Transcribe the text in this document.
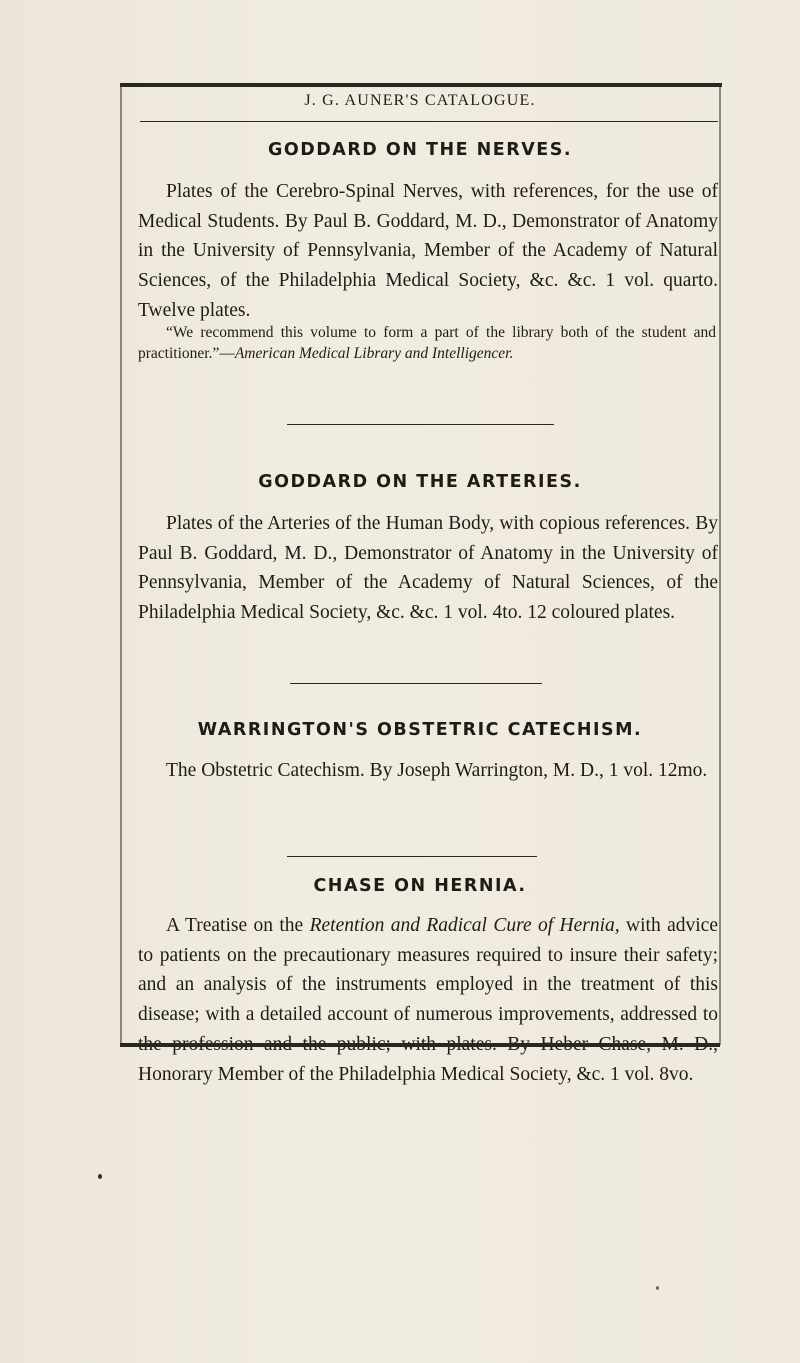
J. G. AUNER'S CATALOGUE.
GODDARD ON THE NERVES.
Plates of the Cerebro-Spinal Nerves, with references, for the use of Medical Students. By Paul B. Goddard, M. D., Demonstrator of Anatomy in the University of Pennsylvania, Member of the Academy of Natural Sciences, of the Philadelphia Medical Society, &c. &c. 1 vol. quarto. Twelve plates.
“We recommend this volume to form a part of the library both of the student and practitioner.”—American Medical Library and Intelligencer.
GODDARD ON THE ARTERIES.
Plates of the Arteries of the Human Body, with copious references. By Paul B. Goddard, M. D., Demonstrator of Anatomy in the University of Pennsylvania, Member of the Academy of Natural Sciences, of the Philadelphia Medical Society, &c. &c. 1 vol. 4to. 12 coloured plates.
WARRINGTON'S OBSTETRIC CATECHISM.
The Obstetric Catechism. By Joseph Warrington, M. D., 1 vol. 12mo.
CHASE ON HERNIA.
A Treatise on the Retention and Radical Cure of Hernia, with advice to patients on the precautionary measures required to insure their safety; and an analysis of the instruments employed in the treatment of this disease; with a detailed account of numerous improvements, addressed to Honorary Member of the Philadelphia Medical Society, &c. 1 vol. 8vo.
